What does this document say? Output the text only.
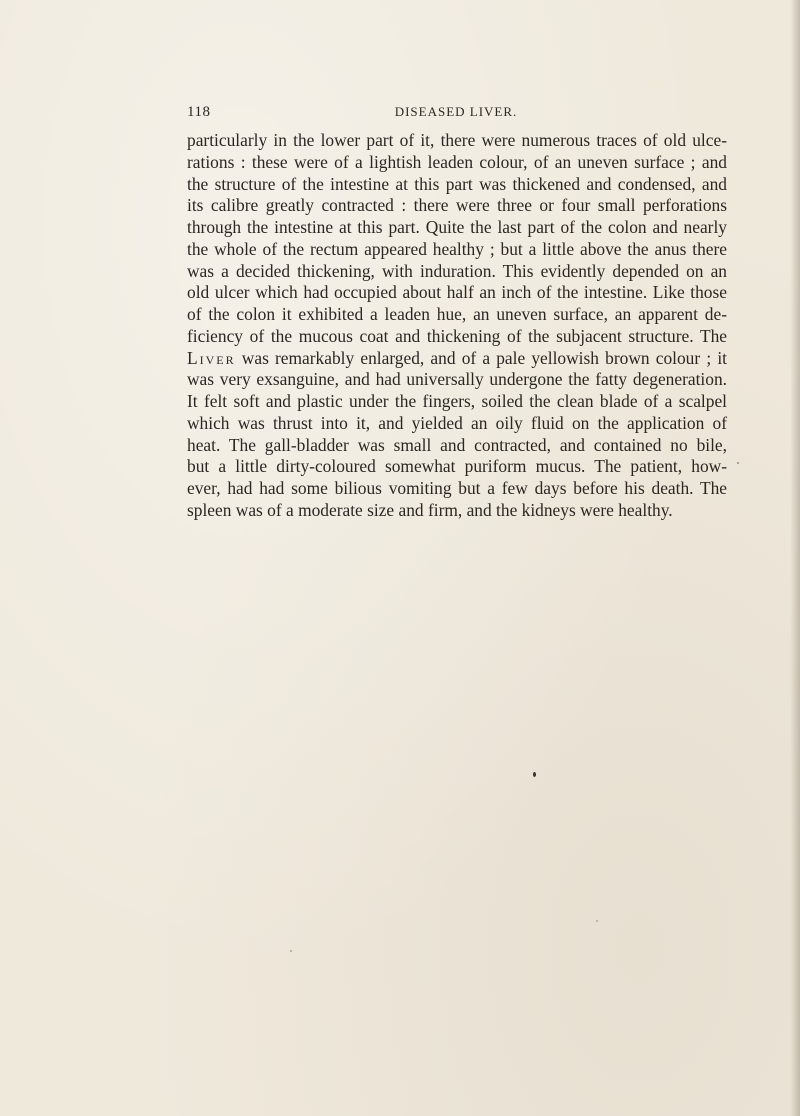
118	DISEASED LIVER.
particularly in the lower part of it, there were numerous traces of old ulce-
rations : these were of a lightish leaden colour, of an uneven surface ; and
the structure of the intestine at this part was thickened and condensed, and
its calibre greatly contracted : there were three or four small perforations
through the intestine at this part. Quite the last part of the colon and nearly
the whole of the rectum appeared healthy ; but a little above the anus there
was a decided thickening, with induration. This evidently depended on an
old ulcer which had occupied about half an inch of the intestine. Like those
of the colon it exhibited a leaden hue, an uneven surface, an apparent de-
ficiency of the mucous coat and thickening of the subjacent structure. The
Liver was remarkably enlarged, and of a pale yellowish brown colour ; it
was very exsanguine, and had universally undergone the fatty degeneration.
It felt soft and plastic under the fingers, soiled the clean blade of a scalpel
which was thrust into it, and yielded an oily fluid on the application of
heat. The gall-bladder was small and contracted, and contained no bile,
but a little dirty-coloured somewhat puriform mucus. The patient, how-
ever, had had some bilious vomiting but a few days before his death. The
spleen was of a moderate size and firm, and the kidneys were healthy.
